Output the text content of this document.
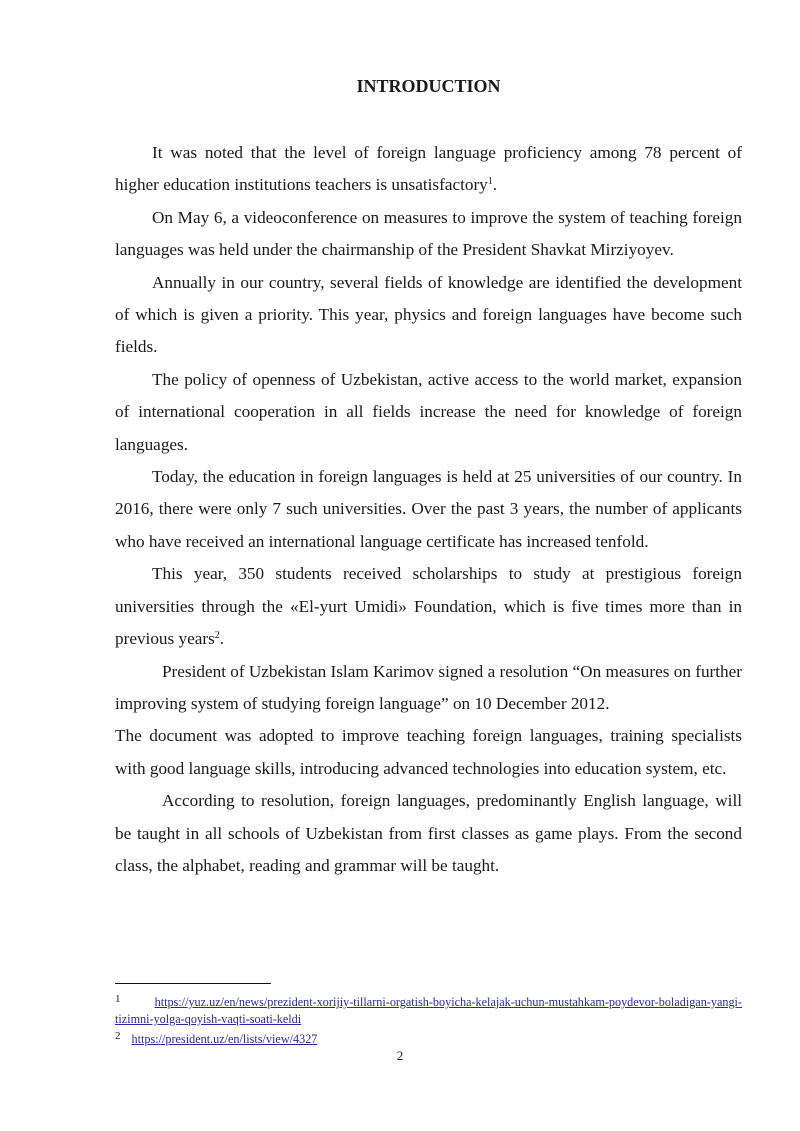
INTRODUCTION

It was noted that the level of foreign language proficiency among 78 percent of higher education institutions teachers is unsatisfactory$^1$.

On May 6, a videoconference on measures to improve the system of teaching foreign languages was held under the chairmanship of the President Shavkat Mirziyoyev.

Annually in our country, several fields of knowledge are identified the development of which is given a priority. This year, physics and foreign languages have become such fields.

The policy of openness of Uzbekistan, active access to the world market, expansion of international cooperation in all fields increase the need for knowledge of foreign languages.

Today, the education in foreign languages is held at 25 universities of our country. In 2016, there were only 7 such universities. Over the past 3 years, the number of applicants who have received an international language certificate has increased tenfold.

This year, 350 students received scholarships to study at prestigious foreign universities through the «El-yurt Umidi» Foundation, which is five times more than in previous years$^2$.

President of Uzbekistan Islam Karimov signed a resolution “On measures on further improving system of studying foreign language” on 10 December 2012.

The document was adopted to improve teaching foreign languages, training specialists with good language skills, introducing advanced technologies into education system, etc.

According to resolution, foreign languages, predominantly English language, will be taught in all schools of Uzbekistan from first classes as game plays. From the second class, the alphabet, reading and grammar will be taught.

1	https://yuz.uz/en/news/prezident-xorijiy-tillarni-orgatish-boyicha-kelajak-uchun-mustahkam-poydevor-boladigan-yangi-tizimni-yolga-qoyish-vaqti-soati-keldi
2 https://president.uz/en/lists/view/4327
2
